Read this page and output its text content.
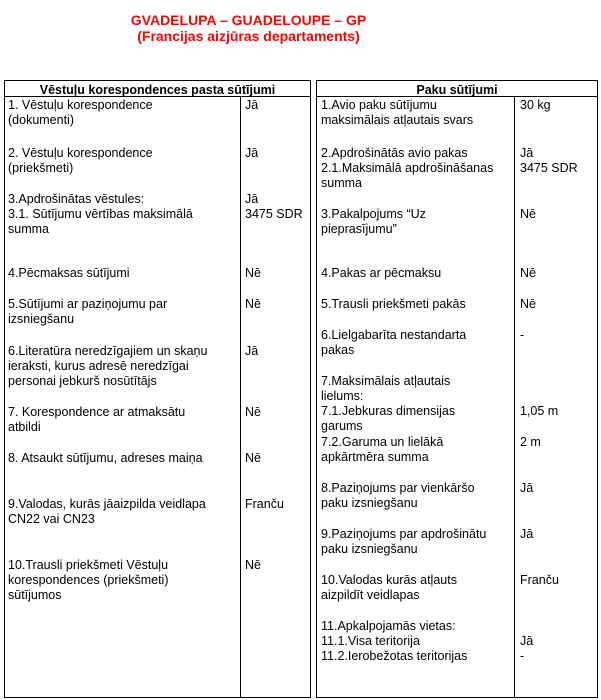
GVADELUPA – GUADELOUPE – GP
(Francijas aizjūras departaments)
Vēstuļu korespondences pasta sūtījumi	Paku sūtījumi
1. Vēstuļu korespondence
(dokumenti)
Jā
2. Vēstuļu korespondence
(priekšmeti)
Jā
3.Apdrošinātas vēstules:
3.1. Sūtījumu vērtības maksimālā
summa
Jā
3475 SDR
4.Pēcmaksas sūtījumi	Nē
5.Sūtījumi ar paziņojumu par
izsniegšanu
Nē
6.Literatūra neredzīgajiem un skaņu
ieraksti, kurus adresē neredzīgai
personai jebkurš nosūtītājs
Jā
7. Korespondence ar atmaksātu
atbildi
Nē
8. Atsaukt sūtījumu, adreses maiņa	Nē
9.Valodas, kurās jāaizpilda veidlapa
CN22 vai CN23
Franču
10.Trausli priekšmeti Vēstuļu
korespondences (priekšmeti)
sūtījumos
Nē
1.Avio paku sūtījumu
maksimālais atļautais svars
30 kg
2.Apdrošinātās avio pakas
2.1.Maksimālā apdrošināšanas
summa
Jā
3475 SDR
3.Pakalpojums “Uz
pieprasījumu”
Nē
4.Pakas ar pēcmaksu	Nē
5.Trausli priekšmeti pakās	Nē
6.Lielgabarīta nestandarta
pakas
-
7.Maksimālais atļautais
lielums:
7.1.Jebkuras dimensijas
garums

1,05 m
7.2.Garuma un lielākā
apkārtmēra summa
2 m
8.Paziņojums par vienkāršo
paku izsniegšanu
Jā
9.Paziņojums par apdrošinātu
paku izsniegšanu
Jā
10.Valodas kurās atļauts
aizpildīt veidlapas
Franču
11.Apkalpojamās vietas:
11.1.Visa teritorija
11.2.Ierobežotas teritorijas

Jā
-
